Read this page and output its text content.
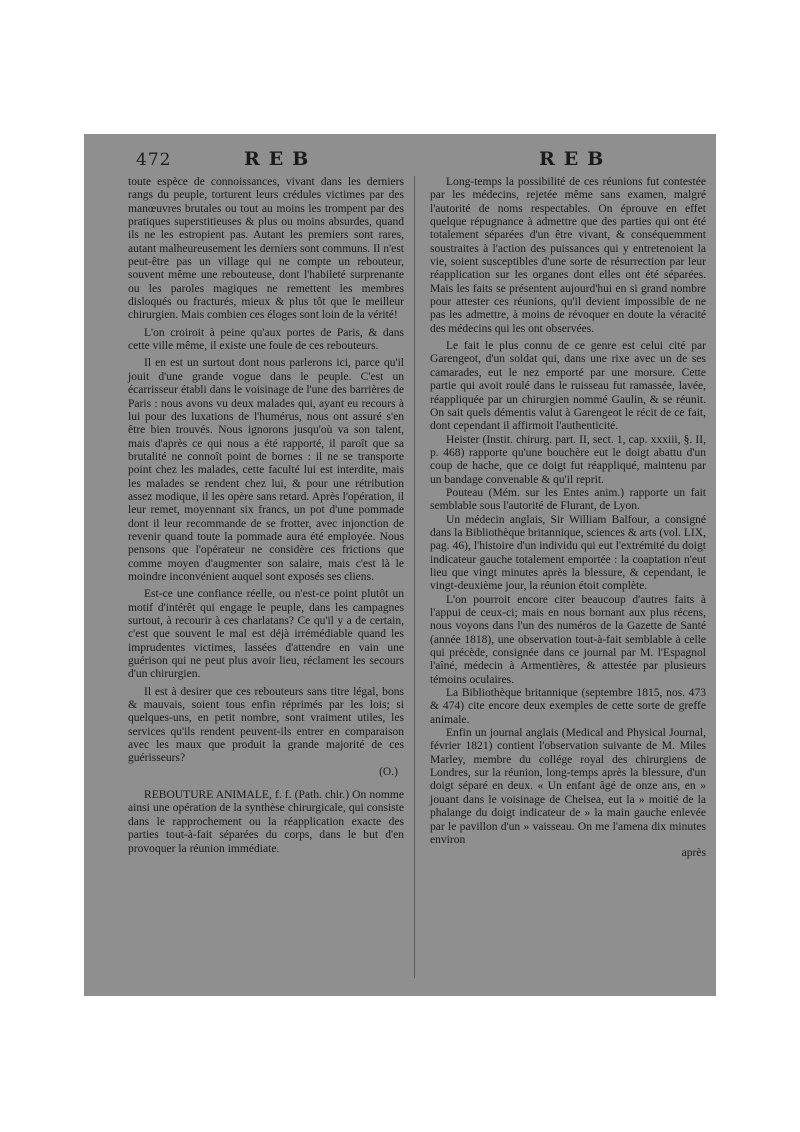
472	REB	REB

toute espèce de connoissances, vivant dans les derniers rangs du peuple, torturent leurs crédules victimes par des manœuvres brutales ou tout au moins les trompent par des pratiques superstitieuses & plus ou moins absurdes, quand ils ne les estropient pas. Autant les premiers sont rares, autant malheureusement les derniers sont communs. Il n'est peut-être pas un village qui ne compte un rebouteur, souvent même une rebouteuse, dont l'habileté surprenante ou les paroles magiques ne remettent les membres disloqués ou fracturés, mieux & plus tôt que le meilleur chirurgien. Mais combien ces éloges sont loin de la vérité!

L'on croiroit à peine qu'aux portes de Paris, & dans cette ville même, il existe une foule de ces rebouteurs.

Il en est un surtout dont nous parlerons ici, parce qu'il jouit d'une grande vogue dans le peuple. C'est un écarrisseur établi dans le voisinage de l'une des barrières de Paris : nous avons vu deux malades qui, ayant eu recours à lui pour des luxations de l'humérus, nous ont assuré s'en être bien trouvés. Nous ignorons jusqu'où va son talent, mais d'après ce qui nous a été rapporté, il paroît que sa brutalité ne connoît point de bornes : il ne se transporte point chez les malades, cette faculté lui est interdite, mais les malades se rendent chez lui, & pour une rétribution assez modique, il les opère sans retard. Après l'opération, il leur remet, moyennant six francs, un pot d'une pommade dont il leur recommande de se frotter, avec injonction de revenir quand toute la pommade aura été employée. Nous pensons que l'opérateur ne considère ces frictions que comme moyen d'augmenter son salaire, mais c'est là le moindre inconvénient auquel sont exposés ses cliens.

Est-ce une confiance réelle, ou n'est-ce point plutôt un motif d'intérêt qui engage le peuple, dans les campagnes surtout, à recourir à ces charlatans? Ce qu'il y a de certain, c'est que souvent le mal est déjà irrémédiable quand les imprudentes victimes, lassées d'attendre en vain une guérison qui ne peut plus avoir lieu, réclament les secours d'un chirurgien.

Il est à desirer que ces rebouteurs sans titre légal, bons & mauvais, soient tous enfin réprimés par les lois; si quelques-uns, en petit nombre, sont vraiment utiles, les services qu'ils rendent peuvent-ils entrer en comparaison avec les maux que produit la grande majorité de ces guérisseurs?

(O.)

REBOUTURE ANIMALE, f. f. (Path. chir.) On nomme ainsi une opération de la synthèse chirurgicale, qui consiste dans le rapprochement ou la réapplication exacte des parties tout-à-fait séparées du corps, dans le but d'en provoquer la réunion immédiate.

Long-temps la possibilité de ces réunions fut contestée par les médecins, rejetée même sans examen, malgré l'autorité de noms respectables. On éprouve en effet quelque répugnance à admettre que des parties qui ont été totalement séparées d'un être vivant, & conséquemment soustraites à l'action des puissances qui y entretenoient la vie, soient susceptibles d'une sorte de résurrection par leur réapplication sur les organes dont elles ont été séparées. Mais les faits se présentent aujourd'hui en si grand nombre pour attester ces réunions, qu'il devient impossible de ne pas les admettre, à moins de révoquer en doute la véracité des médecins qui les ont observées.

Le fait le plus connu de ce genre est celui cité par Garengeot, d'un soldat qui, dans une rixe avec un de ses camarades, eut le nez emporté par une morsure. Cette partie qui avoit roulé dans le ruisseau fut ramassée, lavée, réappliquée par un chirurgien nommé Gaulin, & se réunit. On sait quels démentis valut à Garengeot le récit de ce fait, dont cependant il affirmoit l'authenticité.

Heister (Instit. chirurg. part. II, sect. 1, cap. xxxiii, §. II, p. 468) rapporte qu'une bouchère eut le doigt abattu d'un coup de hache, que ce doigt fut réappliqué, maintenu par un bandage convenable & qu'il reprit.

Pouteau (Mém. sur les Entes anim.) rapporte un fait semblable sous l'autorité de Flurant, de Lyon.

Un médecin anglais, Sir William Balfour, a consigné dans la Bibliothèque britannique, sciences & arts (vol. LIX, pag. 46), l'histoire d'un individu qui eut l'extrémité du doigt indicateur gauche totalement emportée : la coaptation n'eut lieu que vingt minutes après la blessure, & cependant, le vingt-deuxième jour, la réunion étoit complète.

L'on pourroit encore citer beaucoup d'autres faits à l'appui de ceux-ci; mais en nous bornant aux plus récens, nous voyons dans l'un des numéros de la Gazette de Santé (année 1818), une observation tout-à-fait semblable à celle qui précède, consignée dans ce journal par M. l'Espagnol l'aîné, médecin à Armentières, & attestée par plusieurs témoins oculaires.

La Bibliothèque britannique (septembre 1815, nos. 473 & 474) cite encore deux exemples de cette sorte de greffe animale.

Enfin un journal anglais (Medical and Physical Journal, février 1821) contient l'observation suivante de M. Miles Marley, membre du collége royal des chirurgiens de Londres, sur la réunion, long-temps après la blessure, d'un doigt séparé en deux. « Un enfant âgé de onze ans, en » jouant dans le voisinage de Chelsea, eut la » moitié de la phalange du doigt indicateur de » la main gauche enlevée par le pavillon d'un » vaisseau. On me l'amena dix minutes environ

après
